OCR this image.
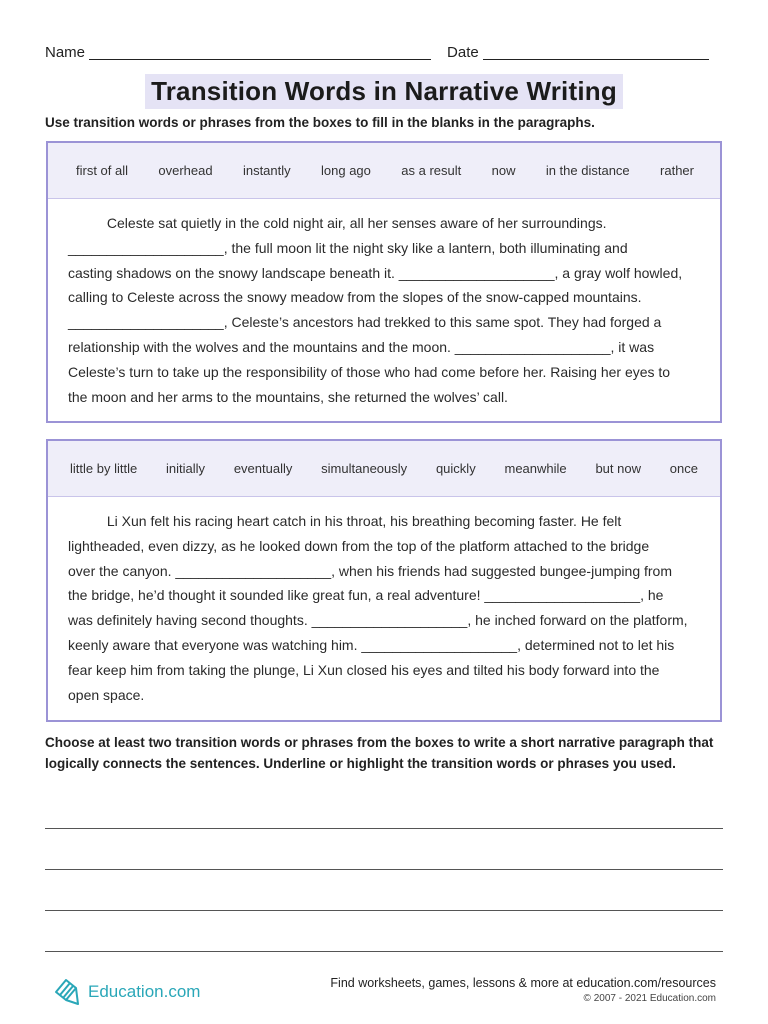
Name	Date
Transition Words in Narrative Writing
Use transition words or phrases from the boxes to fill in the blanks in the paragraphs.
first of all overhead instantly long ago as a result now in the distance rather
Celeste sat quietly in the cold night air, all her senses aware of her surroundings.
____________________, the full moon lit the night sky like a lantern, both illuminating and
casting shadows on the snowy landscape beneath it. ____________________, a gray wolf howled,
calling to Celeste across the snowy meadow from the slopes of the snow-capped mountains.
____________________, Celeste’s ancestors had trekked to this same spot. They had forged a
relationship with the wolves and the mountains and the moon. ____________________, it was
Celeste’s turn to take up the responsibility of those who had come before her. Raising her eyes to
the moon and her arms to the mountains, she returned the wolves’ call.
little by little initially eventually simultaneously quickly meanwhile but now once
Li Xun felt his racing heart catch in his throat, his breathing becoming faster. He felt
lightheaded, even dizzy, as he looked down from the top of the platform attached to the bridge
over the canyon. ____________________, when his friends had suggested bungee-jumping from
the bridge, he’d thought it sounded like great fun, a real adventure! ____________________, he
was definitely having second thoughts. ____________________, he inched forward on the platform,
keenly aware that everyone was watching him. ____________________, determined not to let his
fear keep him from taking the plunge, Li Xun closed his eyes and tilted his body forward into the
open space.
Choose at least two transition words or phrases from the boxes to write a short narrative paragraph that logically connects the sentences. Underline or highlight the transition words or phrases you used.
Education.com	Find worksheets, games, lessons & more at education.com/resources
© 2007 - 2021 Education.com
